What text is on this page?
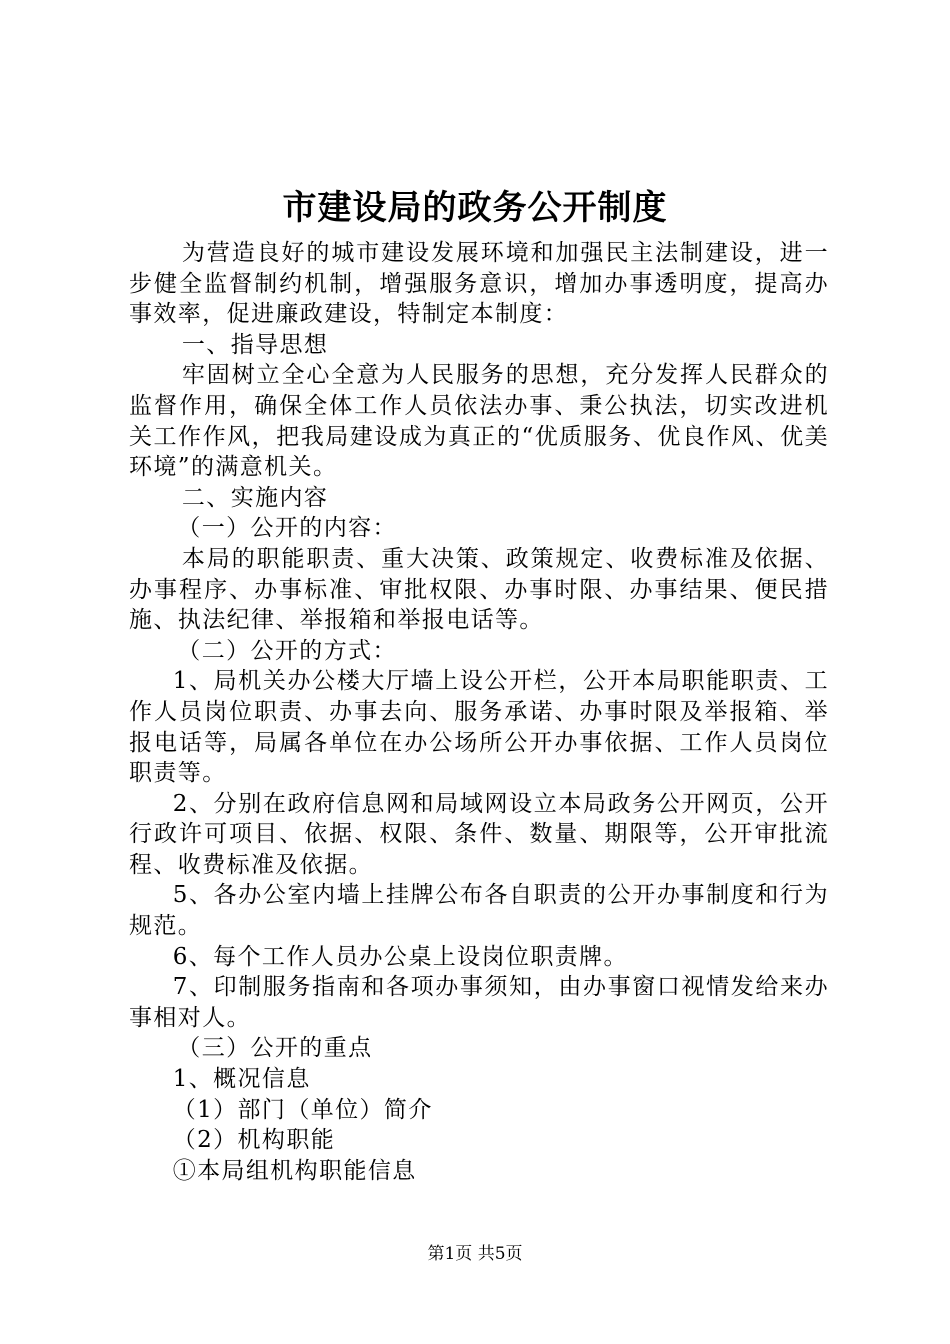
市建设局的政务公开制度

为营造良好的城市建设发展环境和加强民主法制建设，进一步健全监督制约机制，增强服务意识，增加办事透明度，提高办事效率，促进廉政建设，特制定本制度：

一、指导思想

牢固树立全心全意为人民服务的思想，充分发挥人民群众的监督作用，确保全体工作人员依法办事、秉公执法，切实改进机关工作作风，把我局建设成为真正的“优质服务、优良作风、优美环境”的满意机关。

二、实施内容

（一）公开的内容：

本局的职能职责、重大决策、政策规定、收费标准及依据、办事程序、办事标准、审批权限、办事时限、办事结果、便民措施、执法纪律、举报箱和举报电话等。

（二）公开的方式：

1、局机关办公楼大厅墙上设公开栏，公开本局职能职责、工作人员岗位职责、办事去向、服务承诺、办事时限及举报箱、举报电话等，局属各单位在办公场所公开办事依据、工作人员岗位职责等。

2、分别在政府信息网和局域网设立本局政务公开网页，公开行政许可项目、依据、权限、条件、数量、期限等，公开审批流程、收费标准及依据。

5、各办公室内墙上挂牌公布各自职责的公开办事制度和行为规范。

6、每个工作人员办公桌上设岗位职责牌。

7、印制服务指南和各项办事须知，由办事窗口视情发给来办事相对人。

（三）公开的重点

1、概况信息

（1）部门（单位）简介

（2）机构职能

①本局组机构职能信息

第1页 共5页
